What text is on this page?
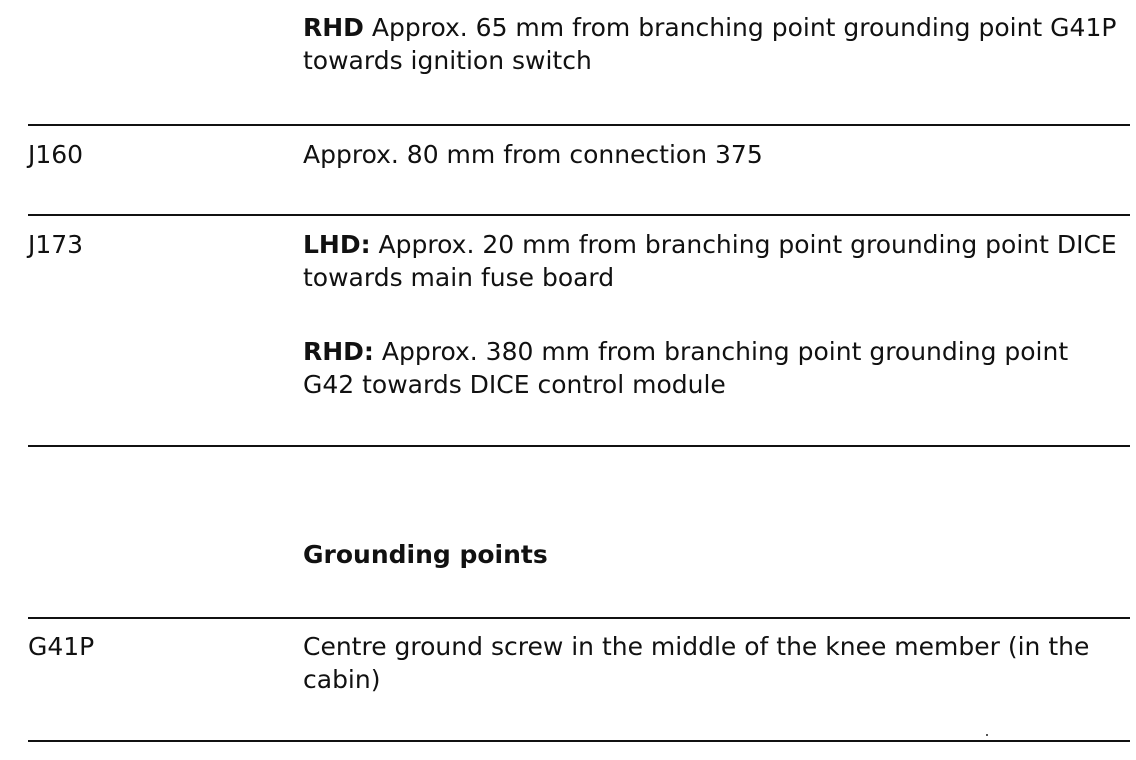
RHD Approx. 65 mm from branching point grounding point G41P towards ignition switch
J160	Approx. 80 mm from connection 375
J173	LHD: Approx. 20 mm from branching point grounding point DICE towards main fuse board
RHD: Approx. 380 mm from branching point grounding point G42 towards DICE control module
Grounding points
G41P	Centre ground screw in the middle of the knee member (in the cabin)
